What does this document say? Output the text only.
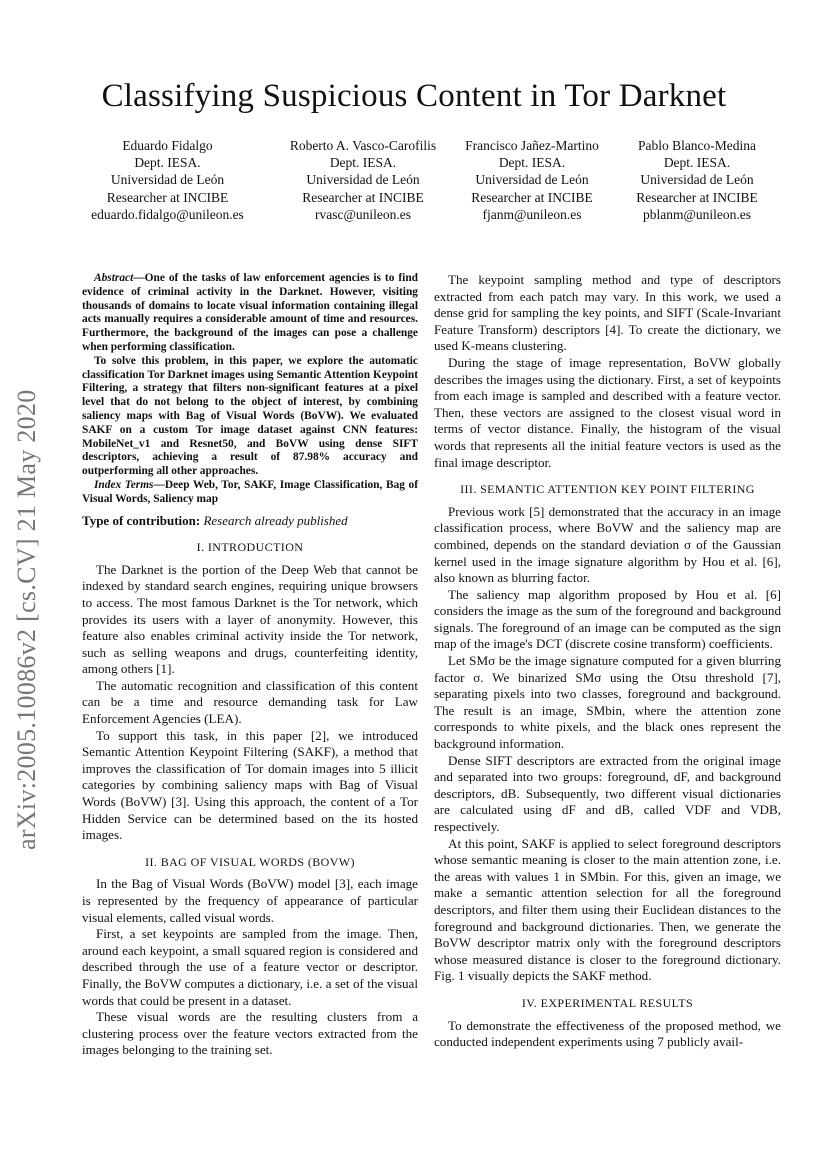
Classifying Suspicious Content in Tor Darknet
Eduardo Fidalgo
Dept. IESA.
Universidad de León
Researcher at INCIBE
eduardo.fidalgo@unileon.es
Roberto A. Vasco-Carofilis
Dept. IESA.
Universidad de León
Researcher at INCIBE
rvasc@unileon.es
Francisco Jañez-Martino
Dept. IESA.
Universidad de León
Researcher at INCIBE
fjanm@unileon.es
Pablo Blanco-Medina
Dept. IESA.
Universidad de León
Researcher at INCIBE
pblanm@unileon.es
arXiv:2005.10086v2 [cs.CV] 21 May 2020

Abstract—One of the tasks of law enforcement agencies is to find evidence of criminal activity in the Darknet. However, visiting thousands of domains to locate visual information containing illegal acts manually requires a considerable amount of time and resources. Furthermore, the background of the images can pose a challenge when performing classification.

To solve this problem, in this paper, we explore the automatic classification Tor Darknet images using Semantic Attention Keypoint Filtering, a strategy that filters non-significant features at a pixel level that do not belong to the object of interest, by combining saliency maps with Bag of Visual Words (BoVW). We evaluated SAKF on a custom Tor image dataset against CNN features: MobileNet_v1 and Resnet50, and BoVW using dense SIFT descriptors, achieving a result of 87.98% accuracy and outperforming all other approaches.

Index Terms—Deep Web, Tor, SAKF, Image Classification, Bag of Visual Words, Saliency map

Type of contribution: Research already published
I. INTRODUCTION

The Darknet is the portion of the Deep Web that cannot be indexed by standard search engines, requiring unique browsers to access. The most famous Darknet is the Tor network, which provides its users with a layer of anonymity. However, this feature also enables criminal activity inside the Tor network, such as selling weapons and drugs, counterfeiting identity, among others [1].

The automatic recognition and classification of this content can be a time and resource demanding task for Law Enforcement Agencies (LEA).

To support this task, in this paper [2], we introduced Semantic Attention Keypoint Filtering (SAKF), a method that improves the classification of Tor domain images into 5 illicit categories by combining saliency maps with Bag of Visual Words (BoVW) [3]. Using this approach, the content of a Tor Hidden Service can be determined based on the its hosted images.

II. BAG OF VISUAL WORDS (BOVW)

In the Bag of Visual Words (BoVW) model [3], each image is represented by the frequency of appearance of particular visual elements, called visual words.

First, a set keypoints are sampled from the image. Then, around each keypoint, a small squared region is considered and described through the use of a feature vector or descriptor. Finally, the BoVW computes a dictionary, i.e. a set of the visual words that could be present in a dataset.

These visual words are the resulting clusters from a clustering process over the feature vectors extracted from the images belonging to the training set.

The keypoint sampling method and type of descriptors extracted from each patch may vary. In this work, we used a dense grid for sampling the key points, and SIFT (Scale-Invariant Feature Transform) descriptors [4]. To create the dictionary, we used K-means clustering.

During the stage of image representation, BoVW globally describes the images using the dictionary. First, a set of keypoints from each image is sampled and described with a feature vector. Then, these vectors are assigned to the closest visual word in terms of vector distance. Finally, the histogram of the visual words that represents all the initial feature vectors is used as the final image descriptor.

III. SEMANTIC ATTENTION KEY POINT FILTERING

Previous work [5] demonstrated that the accuracy in an image classification process, where BoVW and the saliency map are combined, depends on the standard deviation σ of the Gaussian kernel used in the image signature algorithm by Hou et al. [6], also known as blurring factor.

The saliency map algorithm proposed by Hou et al. [6] considers the image as the sum of the foreground and background signals. The foreground of an image can be computed as the sign map of the image's DCT (discrete cosine transform) coefficients.

Let SMσ be the image signature computed for a given blurring factor σ. We binarized SMσ using the Otsu threshold [7], separating pixels into two classes, foreground and background. The result is an image, SMbin, where the attention zone corresponds to white pixels, and the black ones represent the background information.

Dense SIFT descriptors are extracted from the original image and separated into two groups: foreground, dF, and background descriptors, dB. Subsequently, two different visual dictionaries are calculated using dF and dB, called VDF and VDB, respectively.

At this point, SAKF is applied to select foreground descriptors whose semantic meaning is closer to the main attention zone, i.e. the areas with values 1 in SMbin. For this, given an image, we make a semantic attention selection for all the foreground descriptors, and filter them using their Euclidean distances to the foreground and background dictionaries. Then, we generate the BoVW descriptor matrix only with the foreground descriptors whose measured distance is closer to the foreground dictionary. Fig. 1 visually depicts the SAKF method.

IV. EXPERIMENTAL RESULTS

To demonstrate the effectiveness of the proposed method, we conducted independent experiments using 7 publicly avail-
